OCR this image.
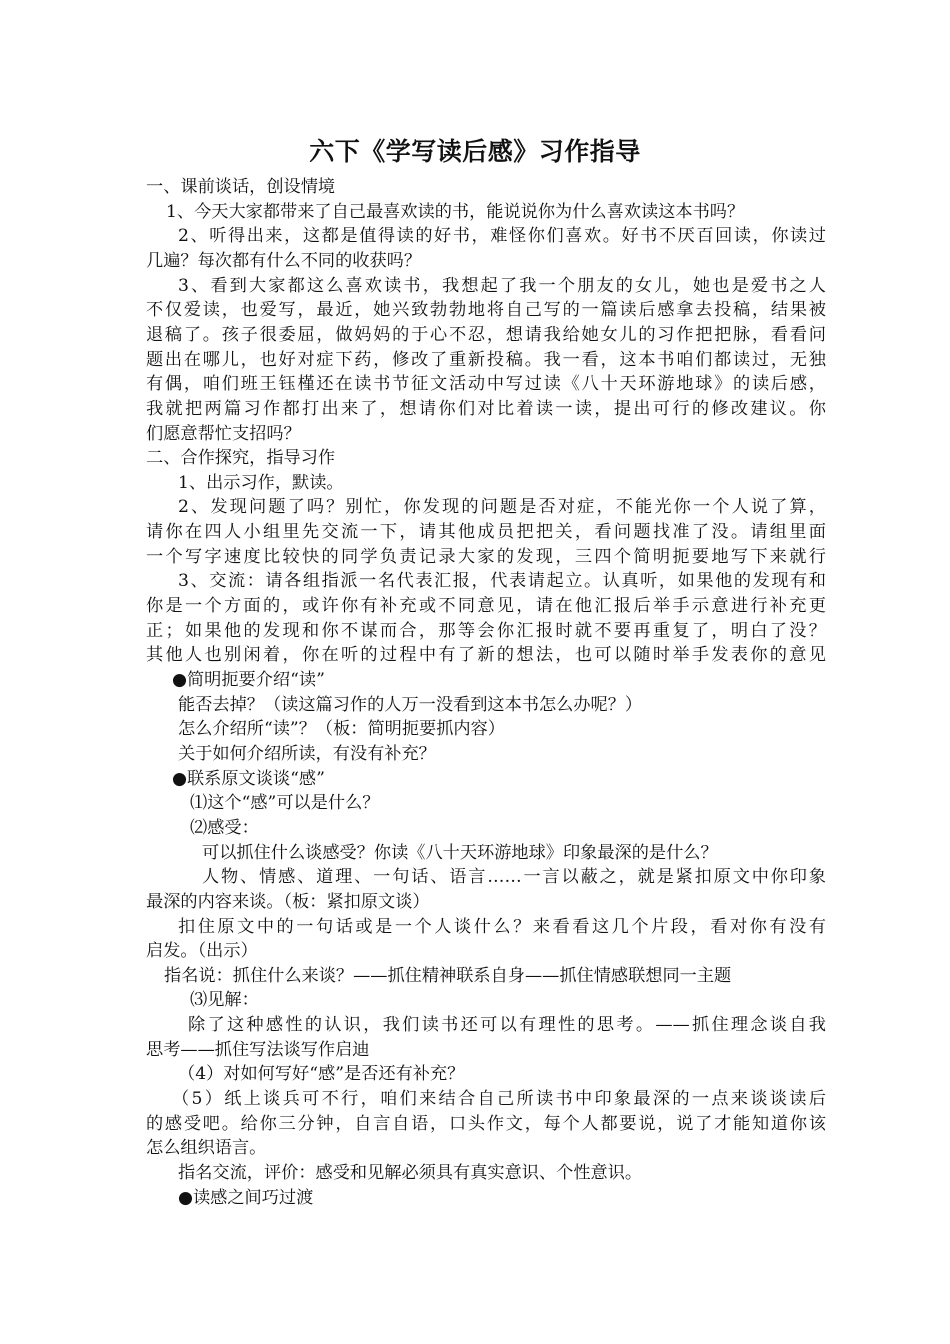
六下《学写读后感》习作指导
一、课前谈话，创设情境
1、今天大家都带来了自己最喜欢读的书，能说说你为什么喜欢读这本书吗？
2、听得出来，这都是值得读的好书，难怪你们喜欢。好书不厌百回读，你读过
几遍？每次都有什么不同的收获吗？
3、看到大家都这么喜欢读书，我想起了我一个朋友的女儿，她也是爱书之人
不仅爱读，也爱写，最近，她兴致勃勃地将自己写的一篇读后感拿去投稿，结果被
退稿了。孩子很委屈，做妈妈的于心不忍，想请我给她女儿的习作把把脉，看看问
题出在哪儿，也好对症下药，修改了重新投稿。我一看，这本书咱们都读过，无独
有偶，咱们班王钰槿还在读书节征文活动中写过读《八十天环游地球》的读后感，
我就把两篇习作都打出来了，想请你们对比着读一读，提出可行的修改建议。你
们愿意帮忙支招吗？
二、合作探究，指导习作
1、出示习作，默读。
2、发现问题了吗？别忙，你发现的问题是否对症，不能光你一个人说了算，
请你在四人小组里先交流一下，请其他成员把把关，看问题找准了没。请组里面
一个写字速度比较快的同学负责记录大家的发现，三四个简明扼要地写下来就行
3、交流：请各组指派一名代表汇报，代表请起立。认真听，如果他的发现有和
你是一个方面的，或许你有补充或不同意见，请在他汇报后举手示意进行补充更
正；如果他的发现和你不谋而合，那等会你汇报时就不要再重复了，明白了没？
其他人也别闲着，你在听的过程中有了新的想法，也可以随时举手发表你的意见
●简明扼要介绍“读”
能否去掉？（读这篇习作的人万一没看到这本书怎么办呢？）
怎么介绍所“读”？（板：简明扼要抓内容）
关于如何介绍所读，有没有补充？
●联系原文谈谈“感”
⑴这个“感”可以是什么？
⑵感受：
可以抓住什么谈感受？你读《八十天环游地球》印象最深的是什么？
人物、情感、道理、一句话、语言……一言以蔽之，就是紧扣原文中你印象
最深的内容来谈。（板：紧扣原文谈）
扣住原文中的一句话或是一个人谈什么？来看看这几个片段，看对你有没有
启发。（出示）
指名说：抓住什么来谈？——抓住精神联系自身——抓住情感联想同一主题
⑶见解：
除了这种感性的认识，我们读书还可以有理性的思考。——抓住理念谈自我
思考——抓住写法谈写作启迪
（4）对如何写好“感”是否还有补充？
（5）纸上谈兵可不行，咱们来结合自己所读书中印象最深的一点来谈谈读后
的感受吧。给你三分钟，自言自语，口头作文，每个人都要说，说了才能知道你该
怎么组织语言。
指名交流，评价：感受和见解必须具有真实意识、个性意识。
●读感之间巧过渡
